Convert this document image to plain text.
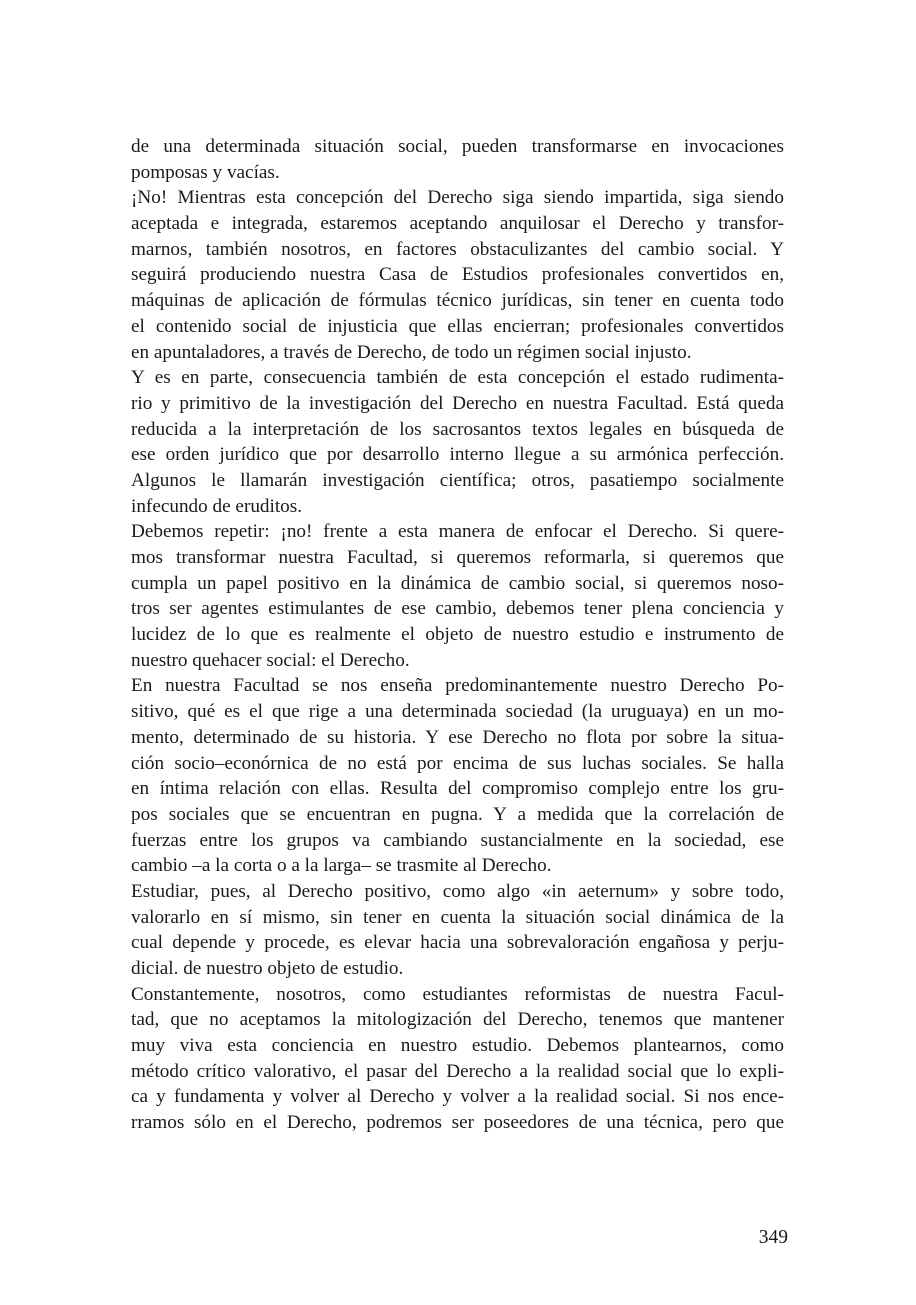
de una determinada situación social, pueden transformarse en invocaciones
pomposas y vacías.
¡No! Mientras esta concepción del Derecho siga siendo impartida, siga siendo
aceptada e integrada, estaremos aceptando anquilosar el Derecho y transfor-
marnos, también nosotros, en factores obstaculizantes del cambio social. Y
seguirá produciendo nuestra Casa de Estudios profesionales convertidos en,
máquinas de aplicación de fórmulas técnico jurídicas, sin tener en cuenta todo
el contenido social de injusticia que ellas encierran; profesionales convertidos
en apuntaladores, a través de Derecho, de todo un régimen social injusto.
Y es en parte, consecuencia también de esta concepción el estado rudimenta-
rio y primitivo de la investigación del Derecho en nuestra Facultad. Está queda
reducida a la interpretación de los sacrosantos textos legales en búsqueda de
ese orden jurídico que por desarrollo interno llegue a su armónica perfección.
Algunos le llamarán investigación científica; otros, pasatiempo socialmente
infecundo de eruditos.
Debemos repetir: ¡no! frente a esta manera de enfocar el Derecho. Si quere-
mos transformar nuestra Facultad, si queremos reformarla, si queremos que
cumpla un papel positivo en la dinámica de cambio social, si queremos noso-
tros ser agentes estimulantes de ese cambio, debemos tener plena conciencia y
lucidez de lo que es realmente el objeto de nuestro estudio e instrumento de
nuestro quehacer social: el Derecho.
En nuestra Facultad se nos enseña predominantemente nuestro Derecho Po-
sitivo, qué es el que rige a una determinada sociedad (la uruguaya) en un mo-
mento, determinado de su historia. Y ese Derecho no flota por sobre la situa-
ción socio–econórnica de no está por encima de sus luchas sociales. Se halla
en íntima relación con ellas. Resulta del compromiso complejo entre los gru-
pos sociales que se encuentran en pugna. Y a medida que la correlación de
fuerzas entre los grupos va cambiando sustancialmente en la sociedad, ese
cambio –a la corta o a la larga– se trasmite al Derecho.
Estudiar, pues, al Derecho positivo, como algo «in aeternum» y sobre todo,
valorarlo en sí mismo, sin tener en cuenta la situación social dinámica de la
cual depende y procede, es elevar hacia una sobrevaloración engañosa y perju-
dicial. de nuestro objeto de estudio.
Constantemente, nosotros, como estudiantes reformistas de nuestra Facul-
tad, que no aceptamos la mitologización del Derecho, tenemos que mantener
muy viva esta conciencia en nuestro estudio. Debemos plantearnos, como
método crítico valorativo, el pasar del Derecho a la realidad social que lo expli-
ca y fundamenta y volver al Derecho y volver a la realidad social. Si nos ence-
rramos sólo en el Derecho, podremos ser poseedores de una técnica, pero que
349
